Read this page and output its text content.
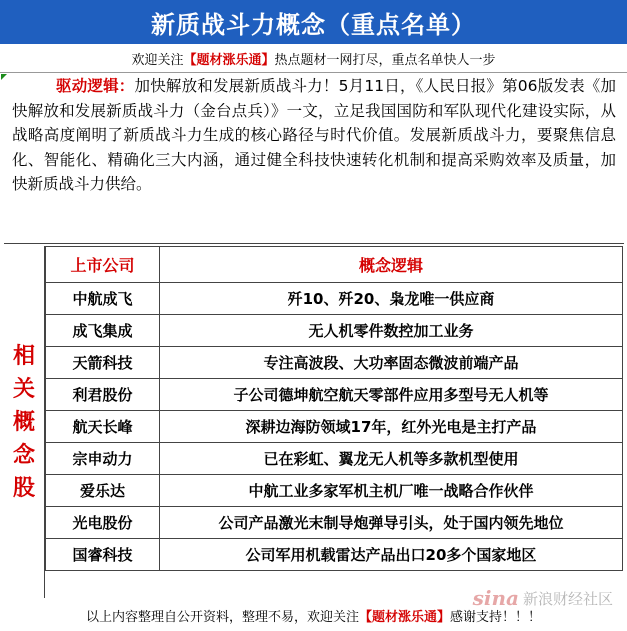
新质战斗力概念（重点名单）
欢迎关注 【题材涨乐通】 热点题材一网打尽，重点名单快人一步
驱动逻辑：加快解放和发展新质战斗力！5月11日，《人民日报》第06版发表《加快解放和发展新质战斗力（金台点兵）》一文，立足我国国防和军队现代化建设实际，从战略高度阐明了新质战斗力生成的核心路径与时代价值。发展新质战斗力，要聚焦信息化、智能化、精确化三大内涵，通过健全科技快速转化机制和提高采购效率及质量，加快新质战斗力供给。
相
关
概
念
股
上市公司	概念逻辑
中航成飞	歼10、歼20、枭龙唯一供应商
成飞集成	无人机零件数控加工业务
天箭科技	专注高波段、大功率固态微波前端产品
利君股份	子公司德坤航空航天零部件应用多型号无人机等
航天长峰	深耕边海防领域17年，红外光电是主打产品
宗申动力	已在彩虹、翼龙无人机等多款机型使用
爱乐达	中航工业多家军机主机厂唯一战略合作伙伴
光电股份	公司产品激光末制导炮弹导引头，处于国内领先地位
国睿科技	公司军用机载雷达产品出口20多个国家地区
以上内容整理自公开资料，整理不易，欢迎关注 【题材涨乐通】 感谢支持！！！
sina 新浪财经社区
